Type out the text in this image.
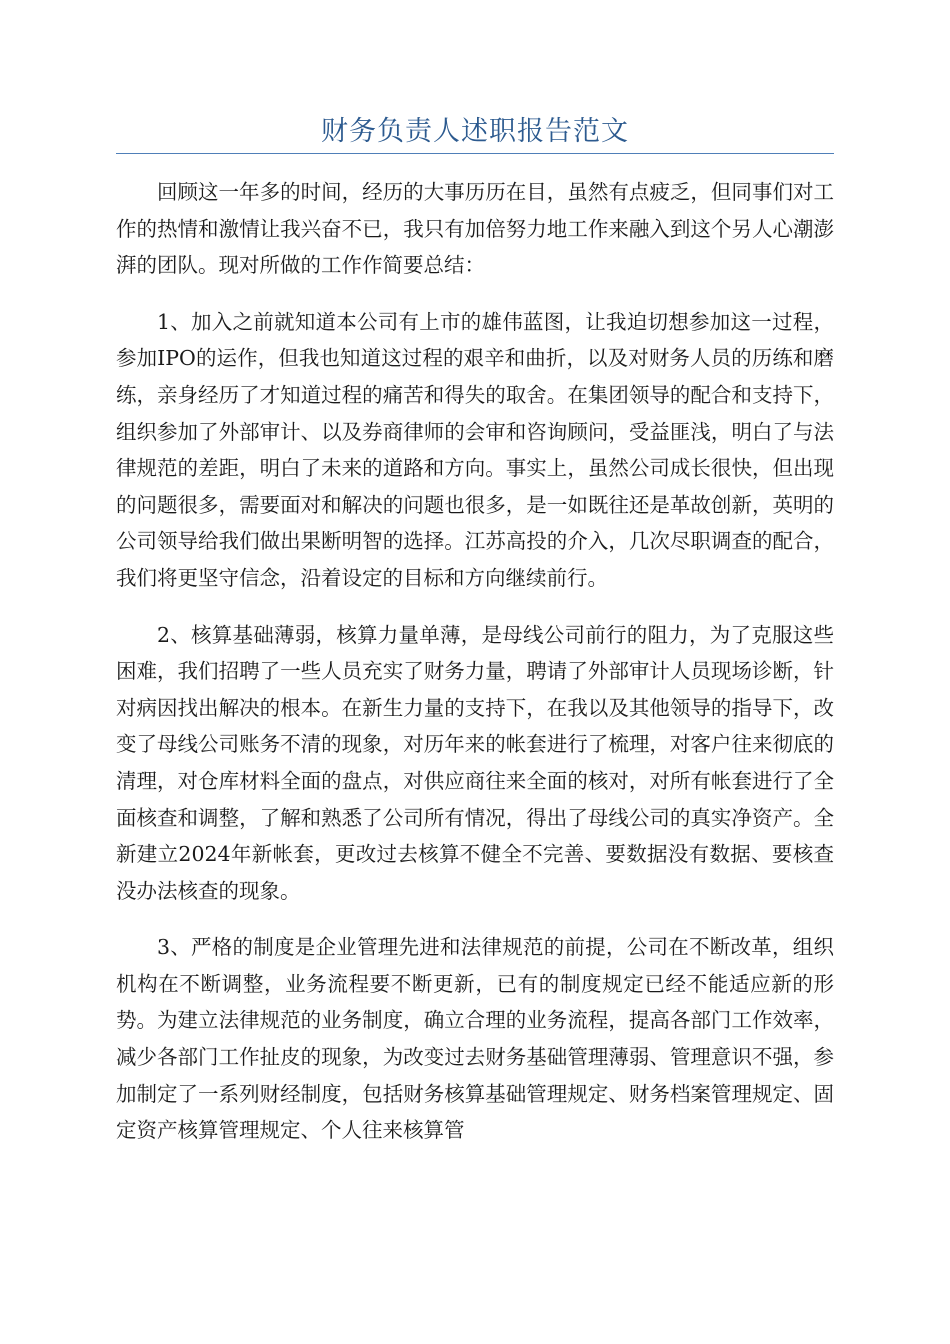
财务负责人述职报告范文

回顾这一年多的时间，经历的大事历历在目，虽然有点疲乏，但同事们对工作的热情和激情让我兴奋不已，我只有加倍努力地工作来融入到这个另人心潮澎湃的团队。现对所做的工作作简要总结：

1、加入之前就知道本公司有上市的雄伟蓝图，让我迫切想参加这一过程，参加IPO的运作，但我也知道这过程的艰辛和曲折，以及对财务人员的历练和磨练，亲身经历了才知道过程的痛苦和得失的取舍。在集团领导的配合和支持下，组织参加了外部审计、以及券商律师的会审和咨询顾问，受益匪浅，明白了与法律规范的差距，明白了未来的道路和方向。事实上，虽然公司成长很快，但出现的问题很多，需要面对和解决的问题也很多，是一如既往还是革故创新，英明的公司领导给我们做出果断明智的选择。江苏高投的介入，几次尽职调查的配合，我们将更坚守信念，沿着设定的目标和方向继续前行。

2、核算基础薄弱，核算力量单薄，是母线公司前行的阻力，为了克服这些困难，我们招聘了一些人员充实了财务力量，聘请了外部审计人员现场诊断，针对病因找出解决的根本。在新生力量的支持下，在我以及其他领导的指导下，改变了母线公司账务不清的现象，对历年来的帐套进行了梳理，对客户往来彻底的清理，对仓库材料全面的盘点，对供应商往来全面的核对，对所有帐套进行了全面核查和调整，了解和熟悉了公司所有情况，得出了母线公司的真实净资产。全新建立2024年新帐套，更改过去核算不健全不完善、要数据没有数据、要核查没办法核查的现象。

3、严格的制度是企业管理先进和法律规范的前提，公司在不断改革，组织机构在不断调整，业务流程要不断更新，已有的制度规定已经不能适应新的形势。为建立法律规范的业务制度，确立合理的业务流程，提高各部门工作效率，减少各部门工作扯皮的现象，为改变过去财务基础管理薄弱、管理意识不强，参加制定了一系列财经制度，包括财务核算基础管理规定、财务档案管理规定、固定资产核算管理规定、个人往来核算管
